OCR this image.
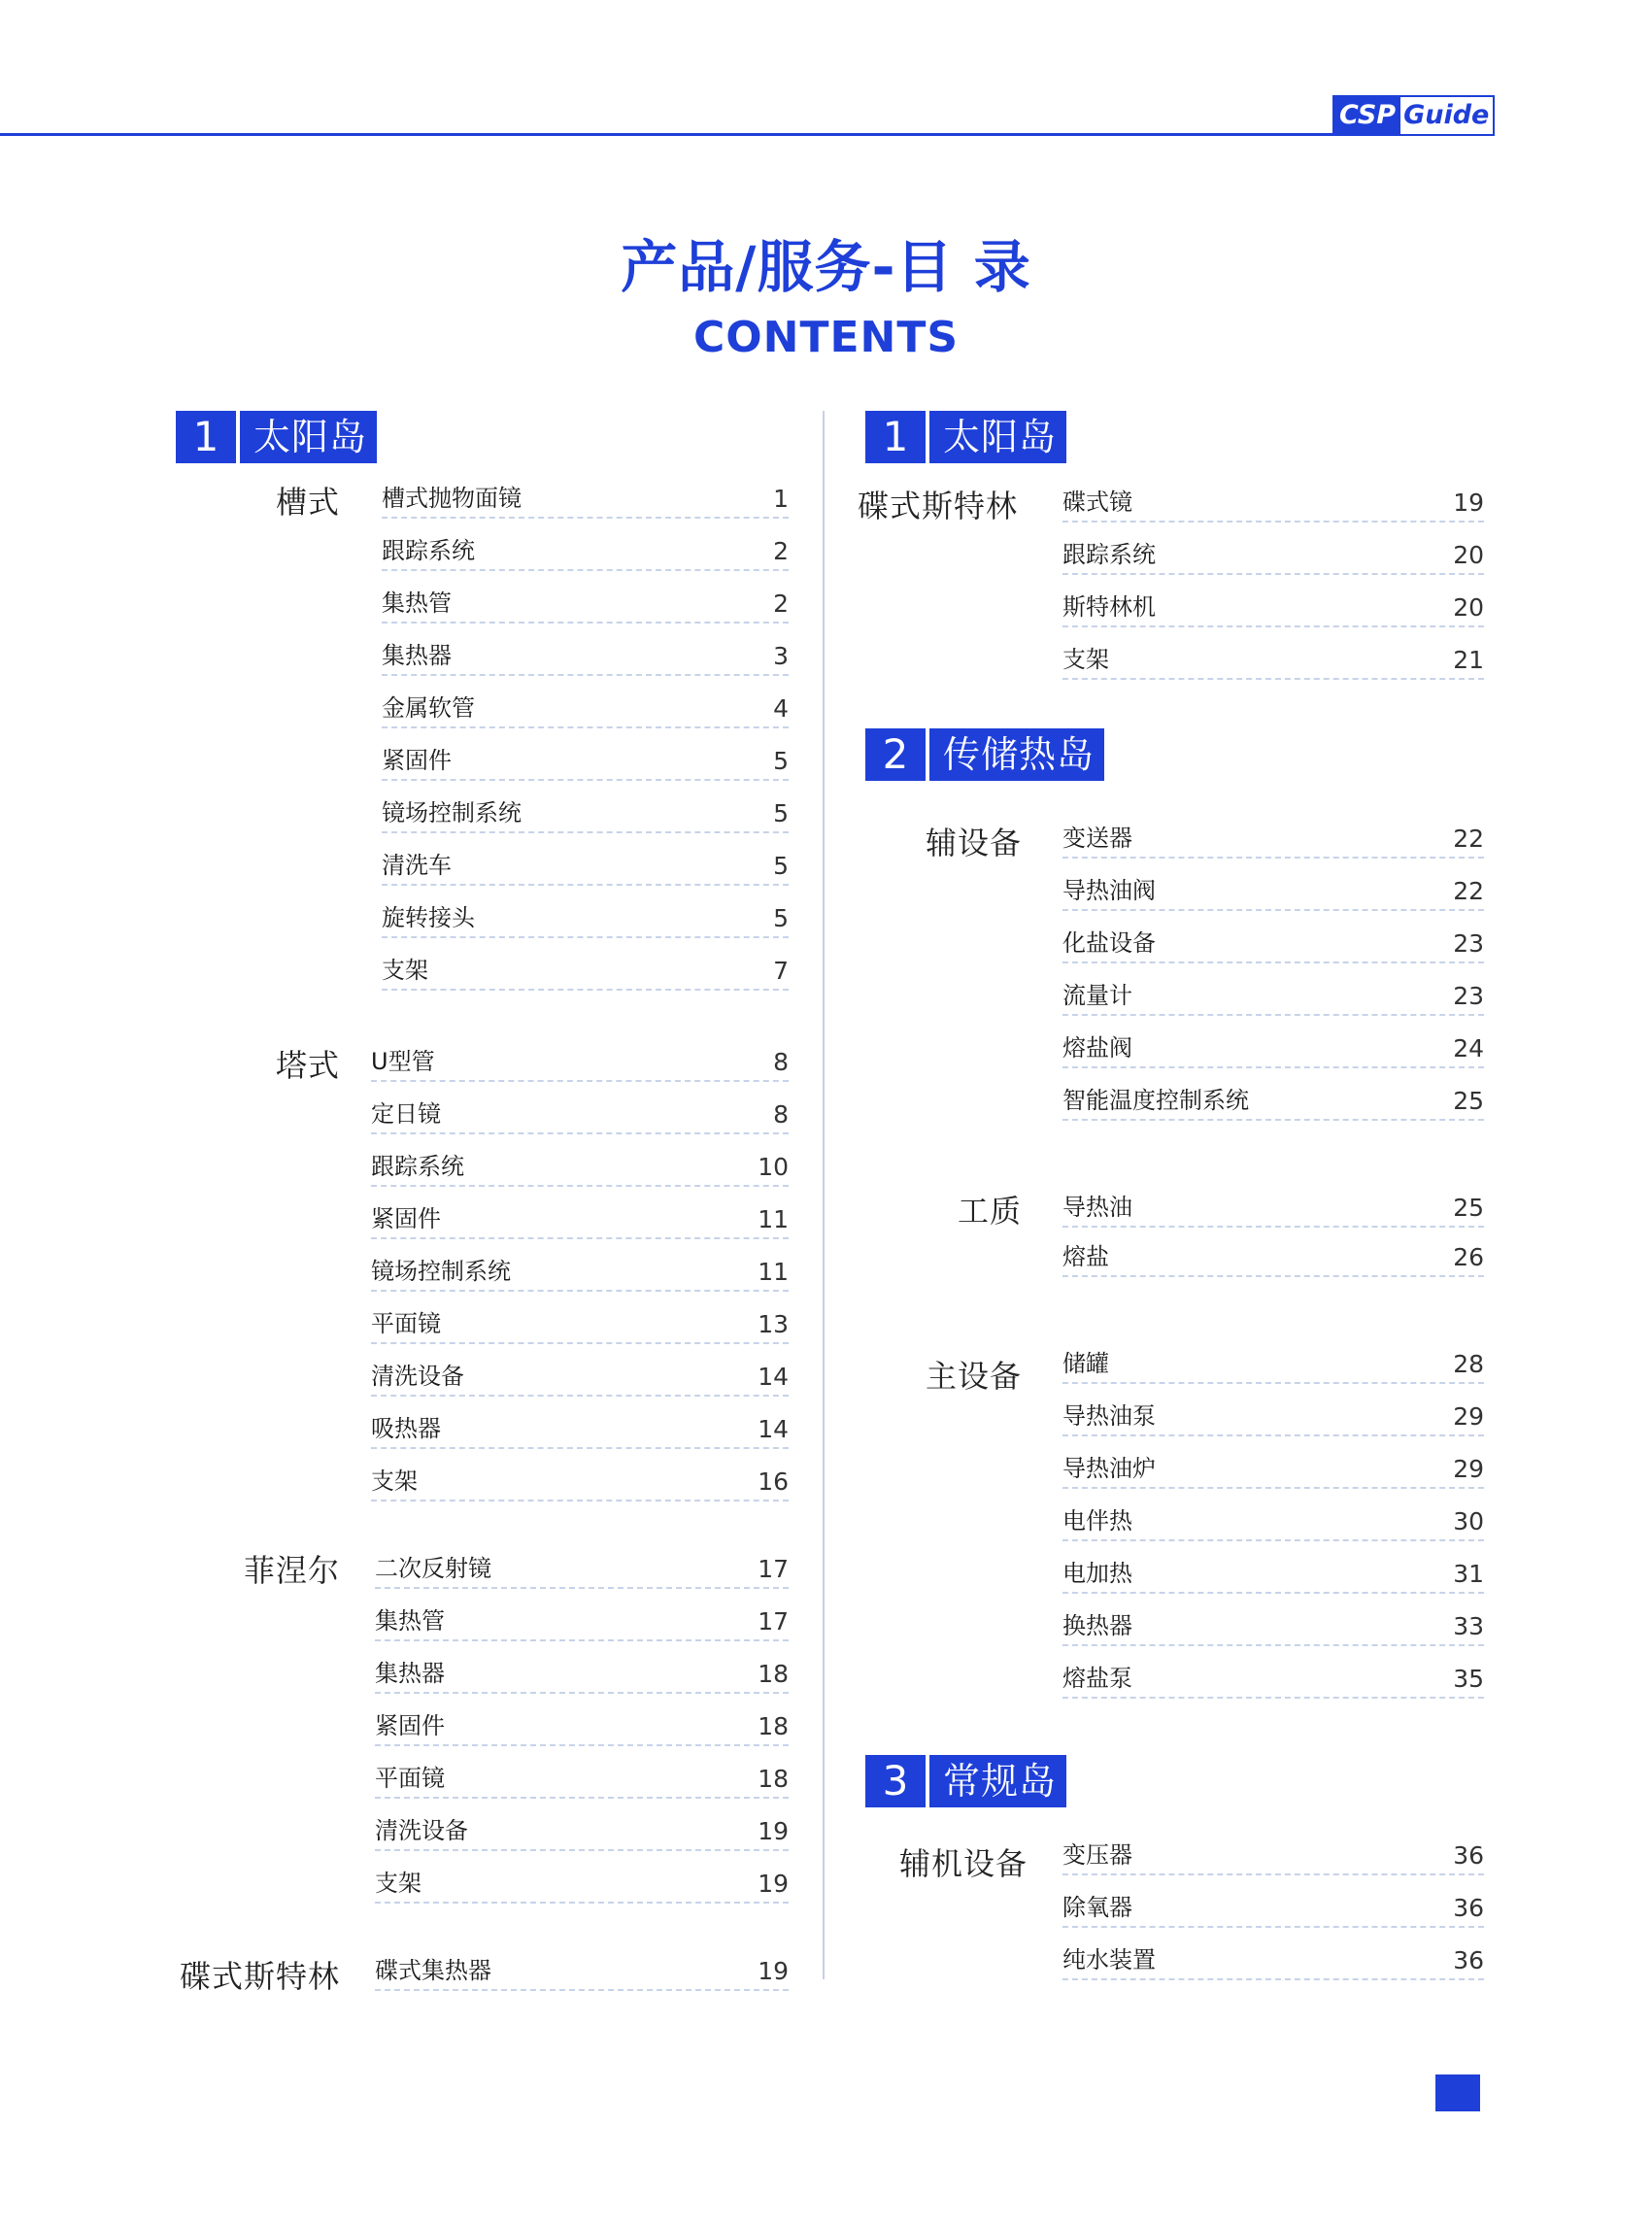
CSP Guide
产品/服务-目 录
CONTENTS
1 太阳岛
槽式 槽式抛物面镜	1
跟踪系统	2
集热管	2
集热器	3
金属软管	4
紧固件	5
镜场控制系统	5
清洗车	5
旋转接头	5
支架	7
塔式 U型管	8
定日镜	8
跟踪系统	10
紧固件	11
镜场控制系统	11
平面镜	13
清洗设备	14
吸热器	14
支架	16
菲涅尔 二次反射镜	17
集热管	17
集热器	18
紧固件	18
平面镜	18
清洗设备	19
支架	19
碟式斯特林 碟式集热器	19
1 太阳岛
碟式斯特林 碟式镜	19
跟踪系统	20
斯特林机	20
支架	21
2 传储热岛
辅设备 变送器	22
导热油阀	22
化盐设备	23
流量计	23
熔盐阀	24
智能温度控制系统	25
工质 导热油	25
熔盐	26
主设备 储罐	28
导热油泵	29
导热油炉	29
电伴热	30
电加热	31
换热器	33
熔盐泵	35
3 常规岛
辅机设备 变压器	36
除氧器	36
纯水装置	36
